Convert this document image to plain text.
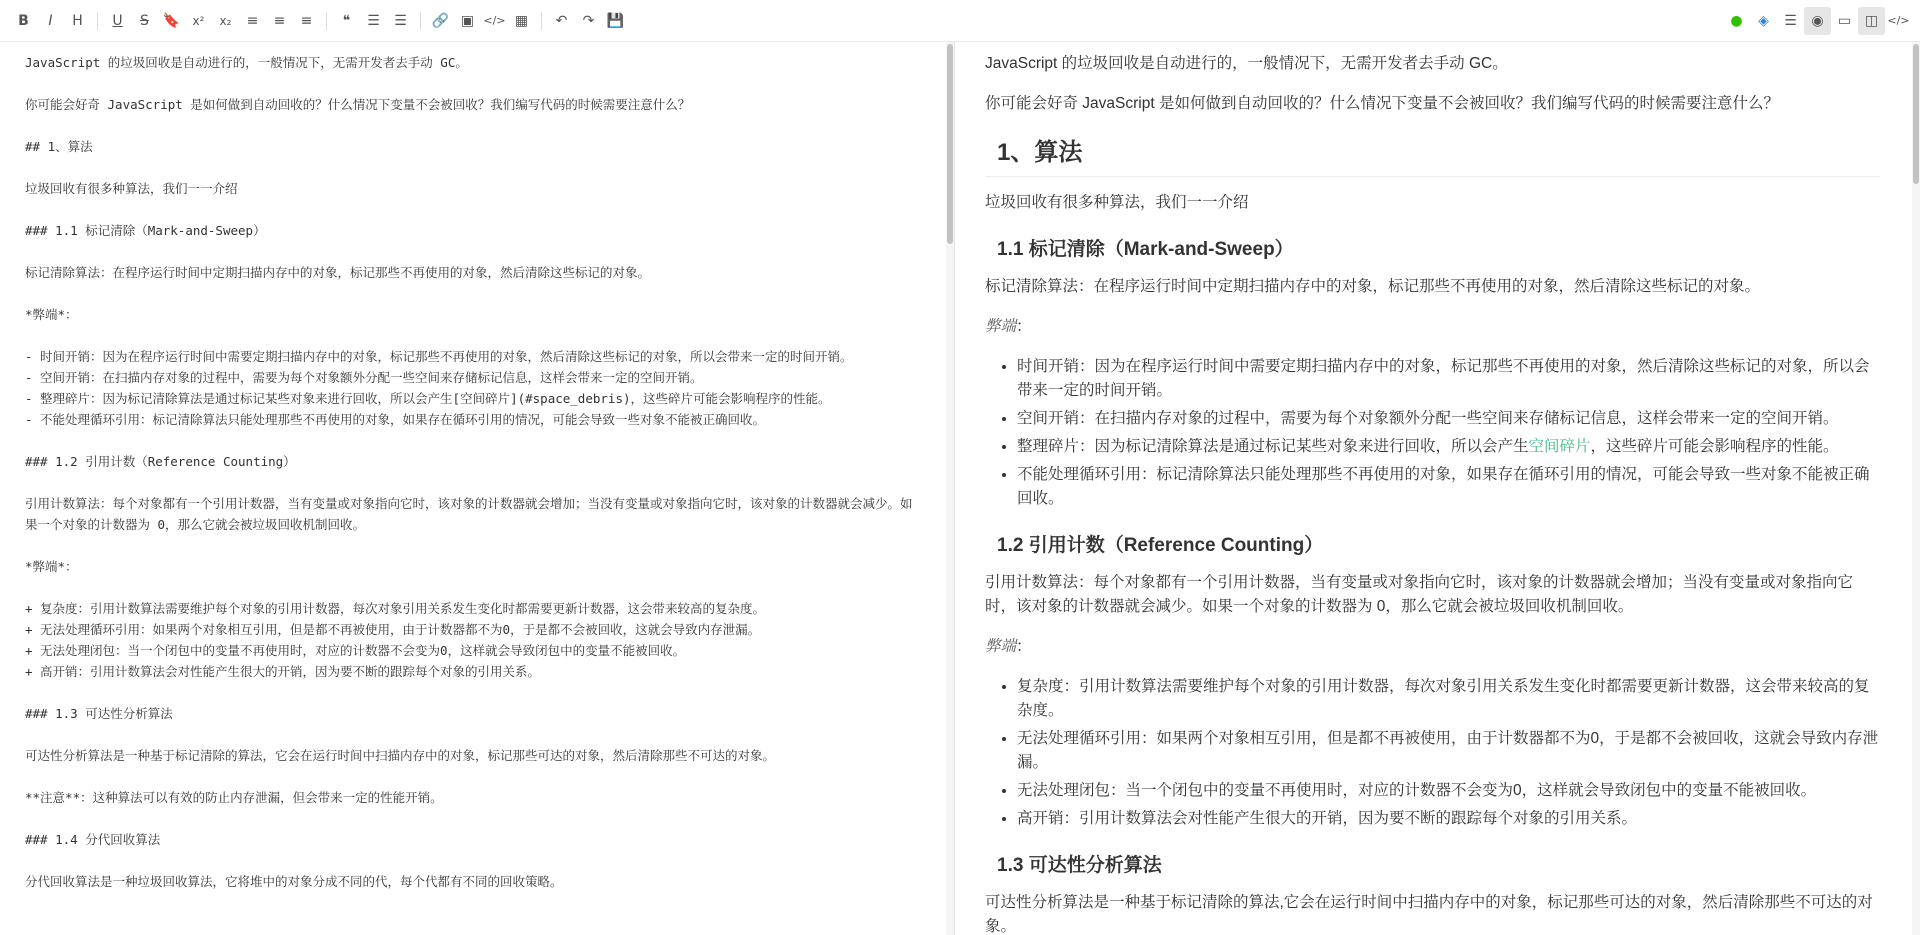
B I H U S 🔖 x² x₂ ≡ ≡ ≡ ❝ ☰ ☰ 🔗 ▣ </> ▦ ↶ ↷ 💾	● ◈ ☰ ◉ ▭ ◫ </>
JavaScript 的垃圾回收是自动进行的，一般情况下，无需开发者去手动 GC。
你可能会好奇 JavaScript 是如何做到自动回收的？什么情况下变量不会被回收？我们编写代码的时候需要注意什么？
## 1、算法
垃圾回收有很多种算法，我们一一介绍
### 1.1 标记清除（Mark-and-Sweep）
标记清除算法：在程序运行时间中定期扫描内存中的对象，标记那些不再使用的对象，然后清除这些标记的对象。
*弊端*：
- 时间开销：因为在程序运行时间中需要定期扫描内存中的对象，标记那些不再使用的对象，然后清除这些标记的对象，所以会带来一定的时间开销。
- 空间开销：在扫描内存对象的过程中，需要为每个对象额外分配一些空间来存储标记信息，这样会带来一定的空间开销。
- 整理碎片：因为标记清除算法是通过标记某些对象来进行回收，所以会产生[空间碎片](#space_debris)，这些碎片可能会影响程序的性能。
- 不能处理循环引用：标记清除算法只能处理那些不再使用的对象，如果存在循环引用的情况，可能会导致一些对象不能被正确回收。
### 1.2 引用计数（Reference Counting）
引用计数算法：每个对象都有一个引用计数器，当有变量或对象指向它时，该对象的计数器就会增加；当没有变量或对象指向它时，该对象的计数器就会减少。如果一个对象的计数器为 0，那么它就会被垃圾回收机制回收。
*弊端*：
+ 复杂度：引用计数算法需要维护每个对象的引用计数器，每次对象引用关系发生变化时都需要更新计数器，这会带来较高的复杂度。
+ 无法处理循环引用：如果两个对象相互引用，但是都不再被使用，由于计数器都不为0，于是都不会被回收，这就会导致内存泄漏。
+ 无法处理闭包：当一个闭包中的变量不再使用时，对应的计数器不会变为0，这样就会导致闭包中的变量不能被回收。
+ 高开销：引用计数算法会对性能产生很大的开销，因为要不断的跟踪每个对象的引用关系。
### 1.3 可达性分析算法
可达性分析算法是一种基于标记清除的算法，它会在运行时间中扫描内存中的对象，标记那些可达的对象，然后清除那些不可达的对象。
**注意**：这种算法可以有效的防止内存泄漏，但会带来一定的性能开销。
### 1.4 分代回收算法
分代回收算法是一种垃圾回收算法，它将堆中的对象分成不同的代，每个代都有不同的回收策略。

JavaScript 的垃圾回收是自动进行的，一般情况下，无需开发者去手动 GC。

你可能会好奇 JavaScript 是如何做到自动回收的？什么情况下变量不会被回收？我们编写代码的时候需要注意什么？

1、算法

垃圾回收有很多种算法，我们一一介绍

1.1 标记清除（Mark-and-Sweep）

标记清除算法：在程序运行时间中定期扫描内存中的对象，标记那些不再使用的对象，然后清除这些标记的对象。

弊端：

• 时间开销：因为在程序运行时间中需要定期扫描内存中的对象，标记那些不再使用的对象，然后清除这些标记的对象，所以会带来一定的时间开销。
• 空间开销：在扫描内存对象的过程中，需要为每个对象额外分配一些空间来存储标记信息，这样会带来一定的空间开销。
• 整理碎片：因为标记清除算法是通过标记某些对象来进行回收，所以会产生空间碎片，这些碎片可能会影响程序的性能。
• 不能处理循环引用：标记清除算法只能处理那些不再使用的对象，如果存在循环引用的情况，可能会导致一些对象不能被正确回收。
1.2 引用计数（Reference Counting）

引用计数算法：每个对象都有一个引用计数器，当有变量或对象指向它时，该对象的计数器就会增加；当没有变量或对象指向它时，该对象的计数器就会减少。如果一个对象的计数器为 0，那么它就会被垃圾回收机制回收。

弊端：

• 复杂度：引用计数算法需要维护每个对象的引用计数器，每次对象引用关系发生变化时都需要更新计数器，这会带来较高的复杂度。
• 无法处理循环引用：如果两个对象相互引用，但是都不再被使用，由于计数器都不为0，于是都不会被回收，这就会导致内存泄漏。
• 无法处理闭包：当一个闭包中的变量不再使用时，对应的计数器不会变为0，这样就会导致闭包中的变量不能被回收。
• 高开销：引用计数算法会对性能产生很大的开销，因为要不断的跟踪每个对象的引用关系。
1.3 可达性分析算法

可达性分析算法是一种基于标记清除的算法,它会在运行时间中扫描内存中的对象，标记那些可达的对象，然后清除那些不可达的对象。
